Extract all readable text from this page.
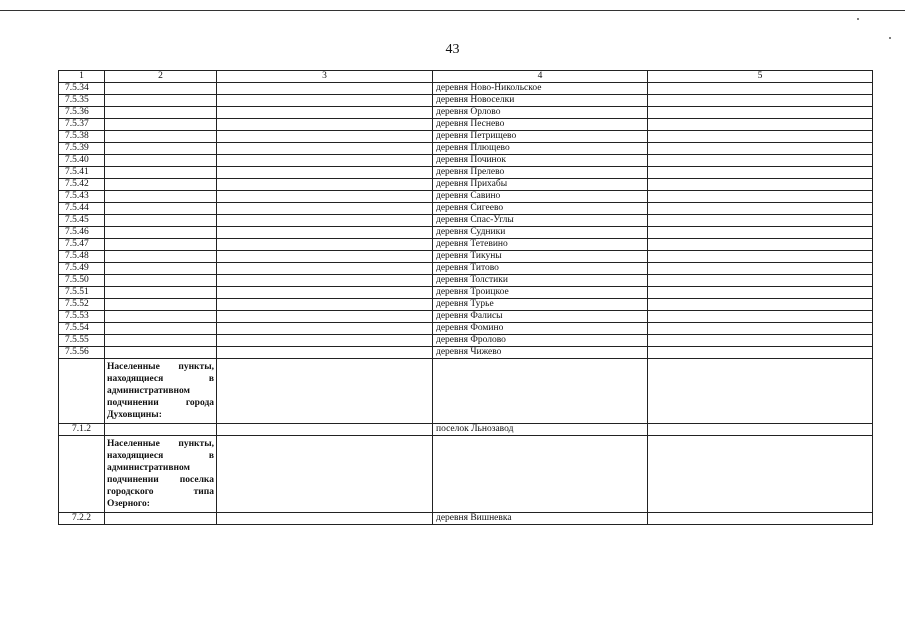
43
1	2	3	4	5
7.5.34			деревня Ново-Никольское	
7.5.35			деревня Новоселки	
7.5.36			деревня Орлово	
7.5.37			деревня Песнево	
7.5.38			деревня Петрищево	
7.5.39			деревня Плющево	
7.5.40			деревня Починок	
7.5.41			деревня Прелево	
7.5.42			деревня Прихабы	
7.5.43			деревня Савино	
7.5.44			деревня Сигеево	
7.5.45			деревня Спас-Углы	
7.5.46			деревня Судники	
7.5.47			деревня Тетевино	
7.5.48			деревня Тикуны	
7.5.49			деревня Титово	
7.5.50			деревня Толстики	
7.5.51			деревня Троицкое	
7.5.52			деревня Турье	
7.5.53			деревня Фалисы	
7.5.54			деревня Фомино	
7.5.55			деревня Фролово	
7.5.56			деревня Чижево	
	Населенные пункты, находящиеся в административном подчинении города Духовщины:			
7.1.2			поселок Льнозавод	
	Населенные пункты, находящиеся в административном подчинении поселка городского типа Озерного:			
7.2.2			деревня Вишневка	
